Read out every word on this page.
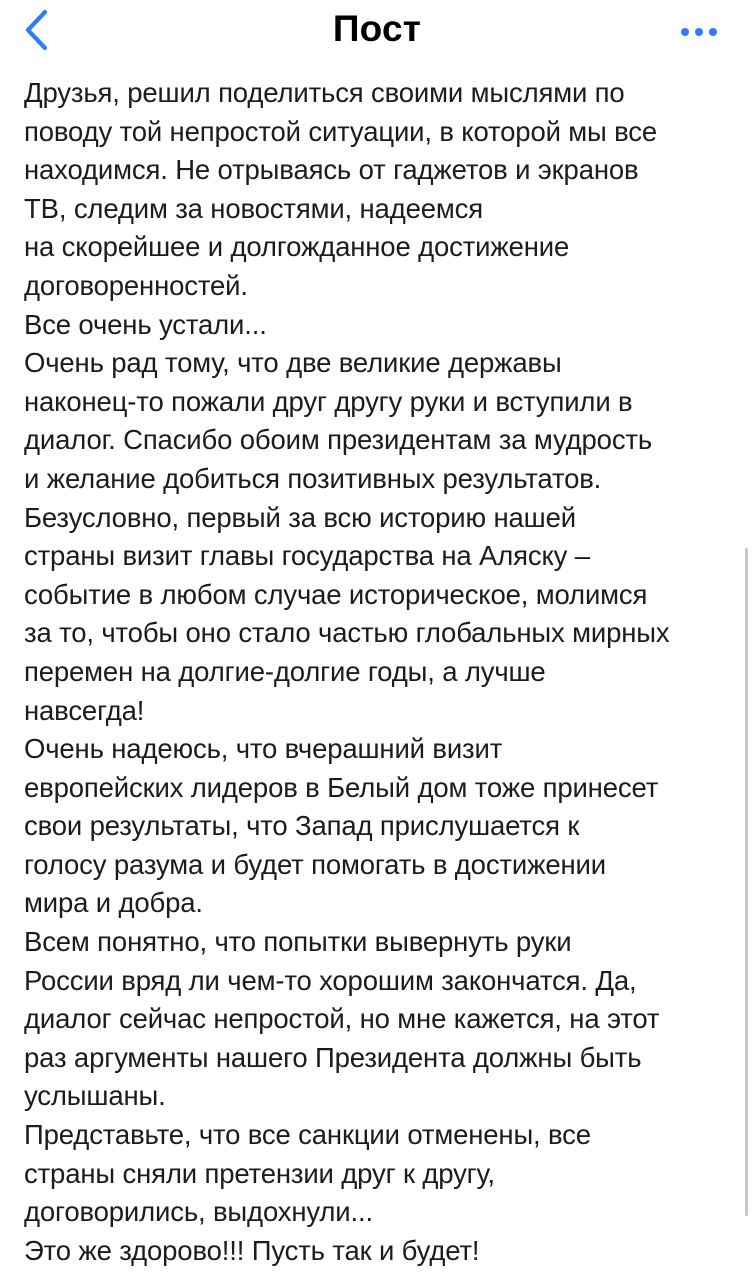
Пост
Друзья, решил поделиться своими мыслями по
поводу той непростой ситуации, в которой мы все
находимся. Не отрываясь от гаджетов и экранов
ТВ, следим за новостями, надеемся
на скорейшее и долгожданное достижение
договоренностей.
Все очень устали...
Очень рад тому, что две великие державы
наконец-то пожали друг другу руки и вступили в
диалог. Спасибо обоим президентам за мудрость
и желание добиться позитивных результатов.
Безусловно, первый за всю историю нашей
страны визит главы государства на Аляску –
событие в любом случае историческое, молимся
за то, чтобы оно стало частью глобальных мирных
перемен на долгие-долгие годы, а лучше
навсегда!
Очень надеюсь, что вчерашний визит
европейских лидеров в Белый дом тоже принесет
свои результаты, что Запад прислушается к
голосу разума и будет помогать в достижении
мира и добра.
Всем понятно, что попытки вывернуть руки
России вряд ли чем-то хорошим закончатся. Да,
диалог сейчас непростой, но мне кажется, на этот
раз аргументы нашего Президента должны быть
услышаны.
Представьте, что все санкции отменены, все
страны сняли претензии друг к другу,
договорились, выдохнули...
Это же здорово!!! Пусть так и будет!
